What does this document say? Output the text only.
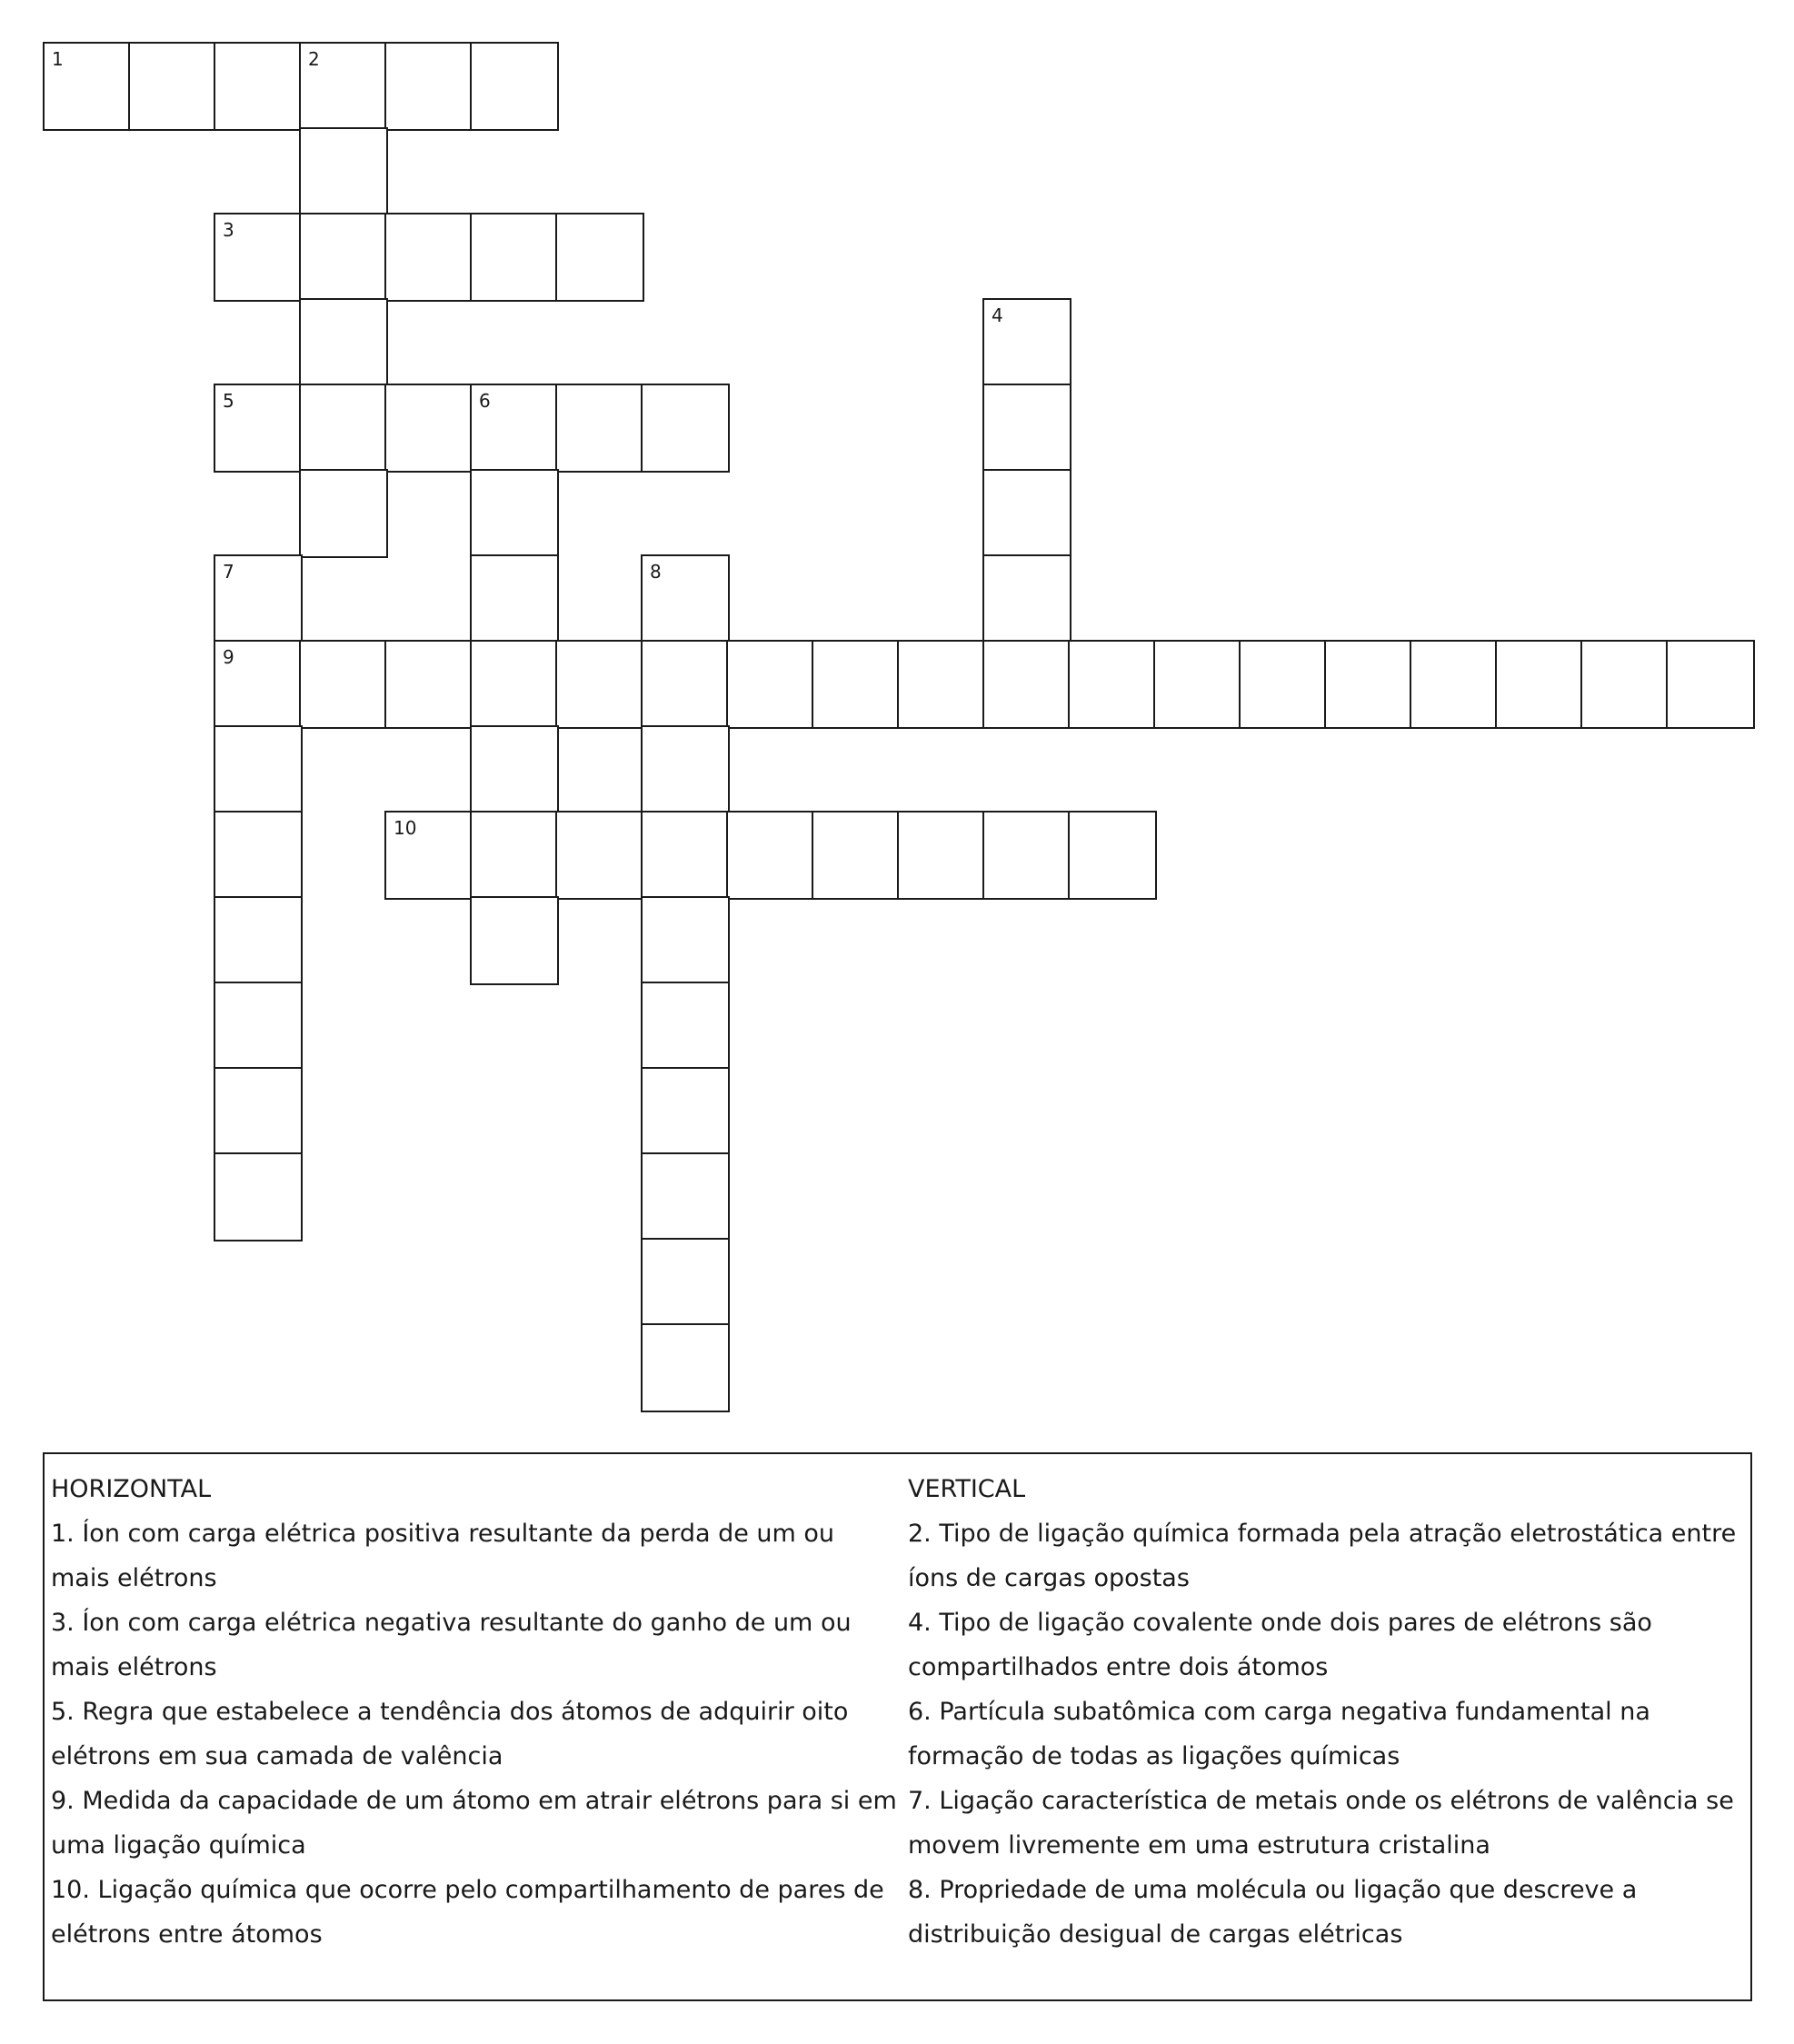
1	2
3
4
5	6
7	8
9
10
HORIZONTAL
1. Íon com carga elétrica positiva resultante da perda de um ou mais elétrons
3. Íon com carga elétrica negativa resultante do ganho de um ou mais elétrons
5. Regra que estabelece a tendência dos átomos de adquirir oito elétrons em sua camada de valência
9. Medida da capacidade de um átomo em atrair elétrons para si em uma ligação química
10. Ligação química que ocorre pelo compartilhamento de pares de elétrons entre átomos
VERTICAL
2. Tipo de ligação química formada pela atração eletrostática entre íons de cargas opostas
4. Tipo de ligação covalente onde dois pares de elétrons são compartilhados entre dois átomos
6. Partícula subatômica com carga negativa fundamental na formação de todas as ligações químicas
7. Ligação característica de metais onde os elétrons de valência se movem livremente em uma estrutura cristalina
8. Propriedade de uma molécula ou ligação que descreve a distribuição desigual de cargas elétricas
